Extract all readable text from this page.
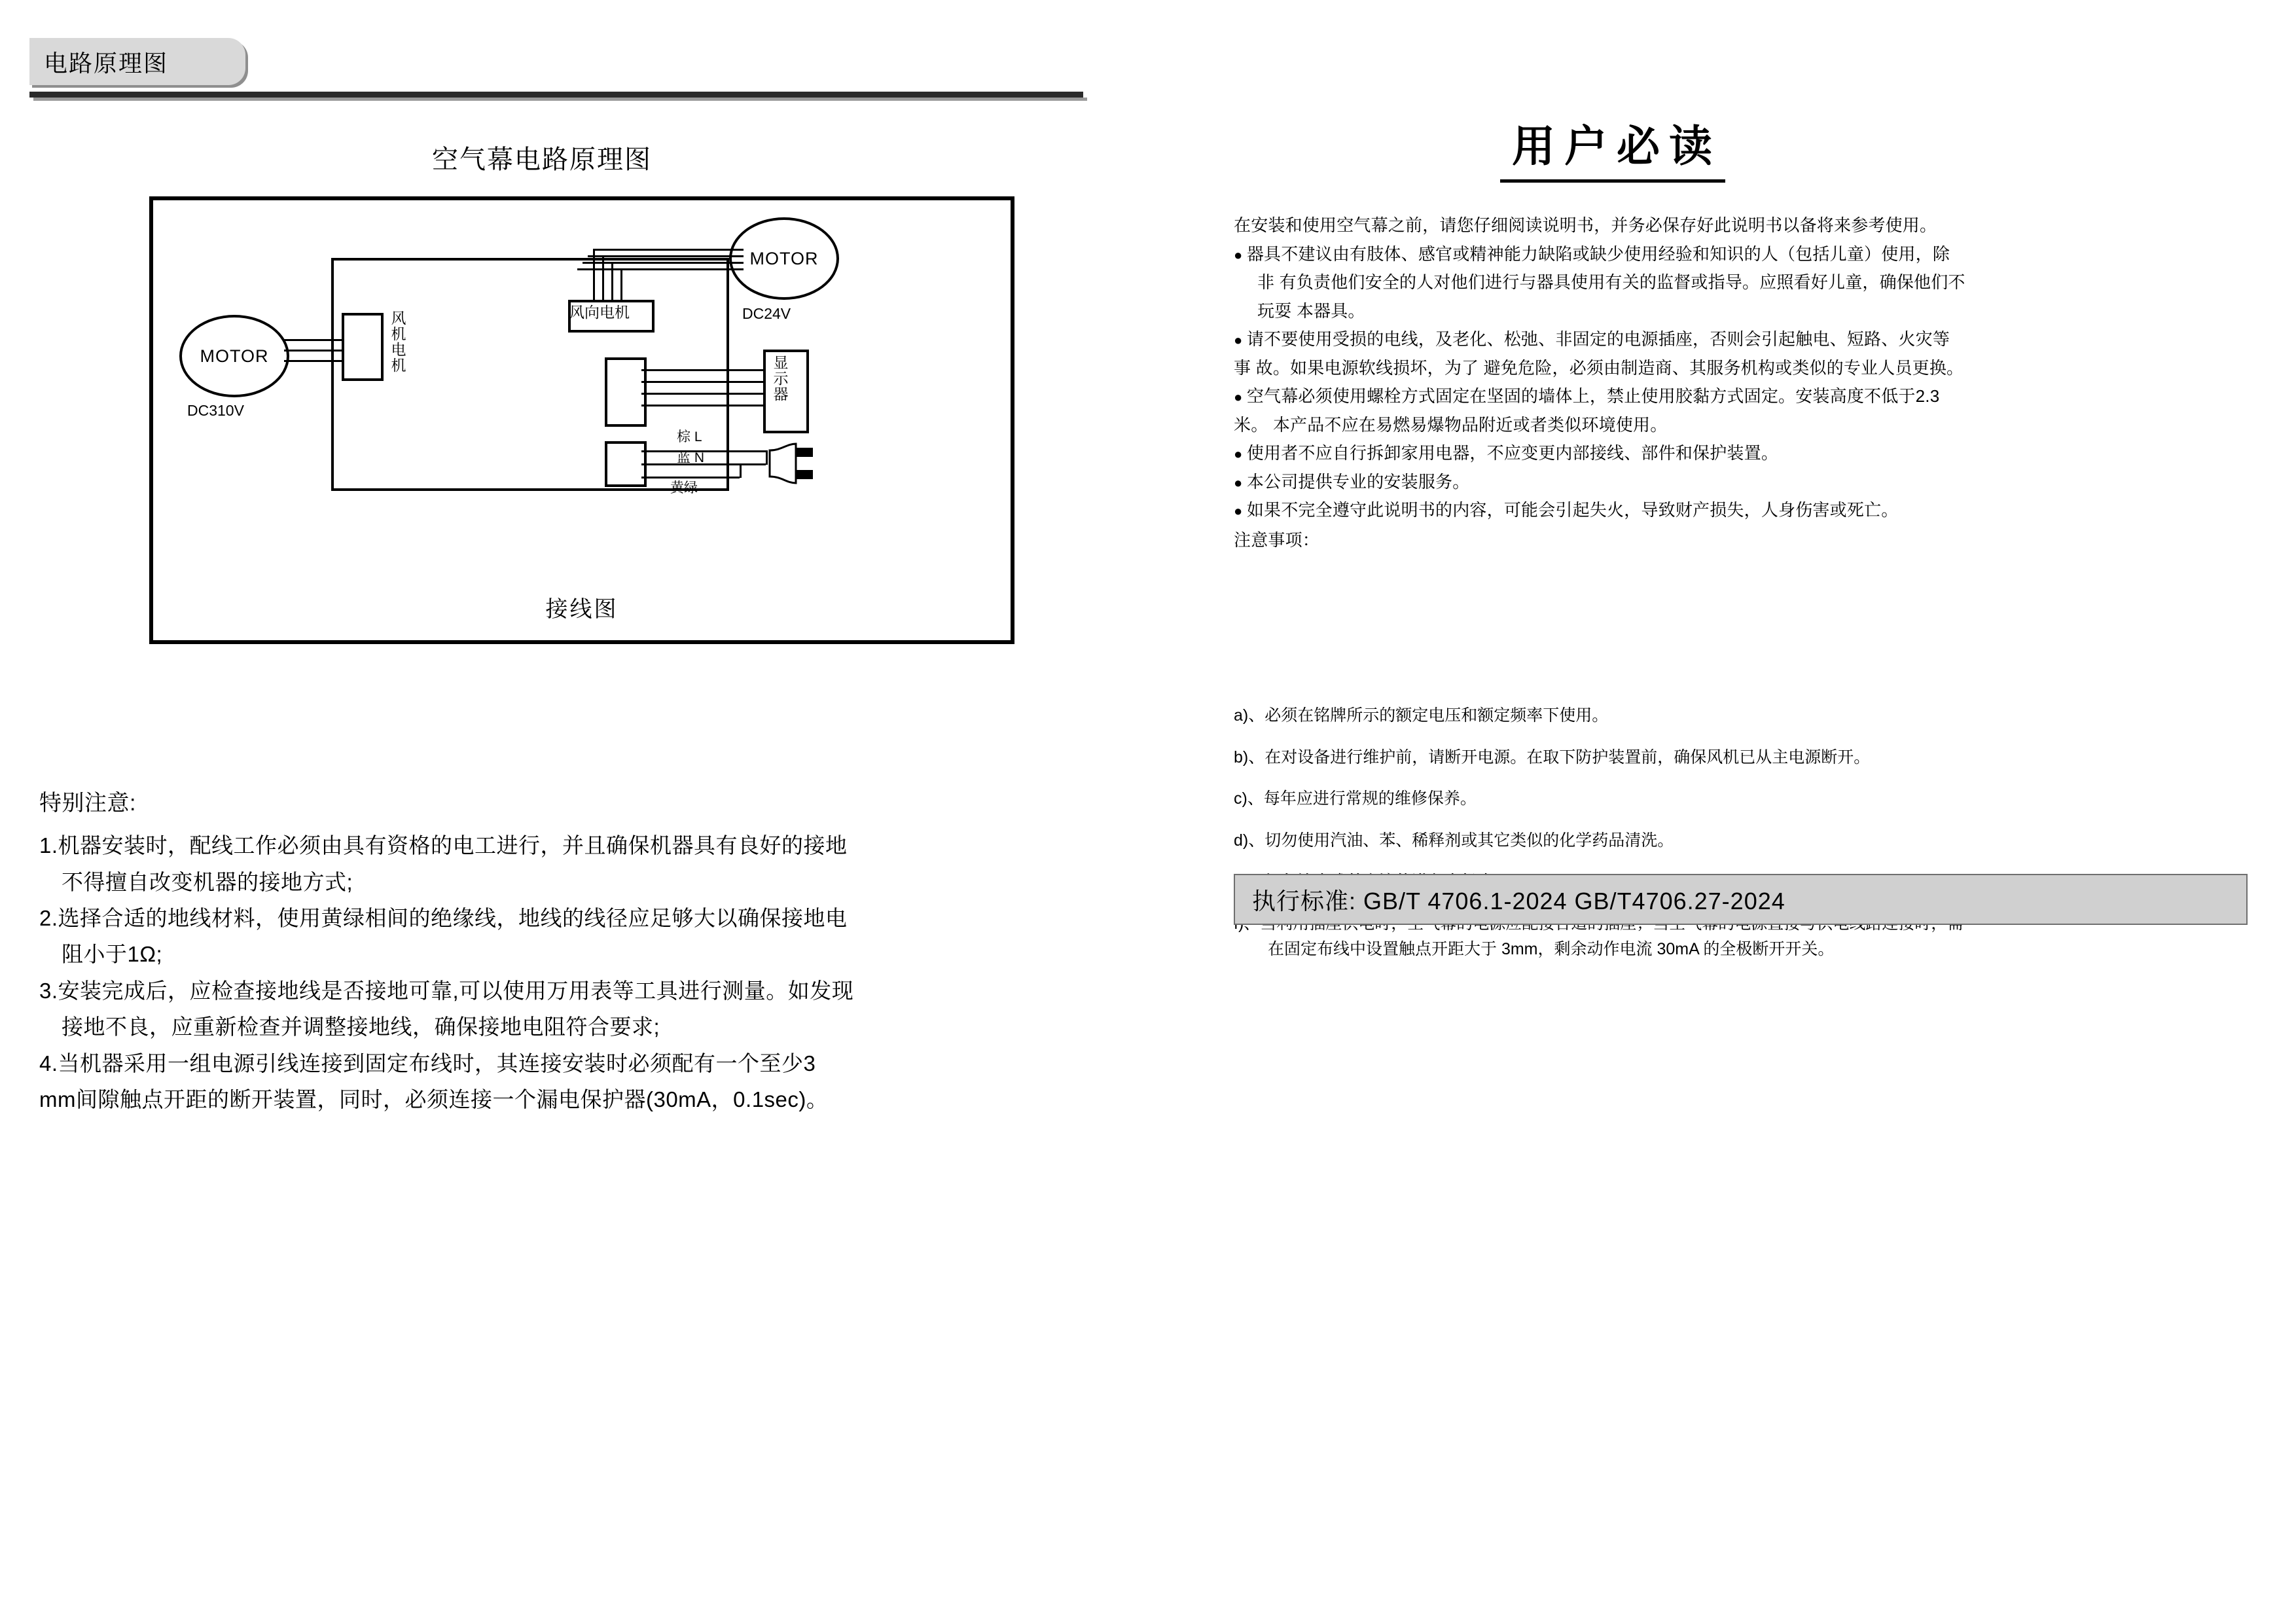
电路原理图
空气幕电路原理图
MOTOR
DC24V
MOTOR
DC310V
风机电机	风向电机
显示器
棕 L
蓝 N
黄绿
接线图

特别注意:

1.机器安装时，配线工作必须由具有资格的电工进行，并且确保机器具有良好的接地

不得擅自改变机器的接地方式;

2.选择合适的地线材料，使用黄绿相间的绝缘线，地线的线径应足够大以确保接地电

阻小于1Ω;

3.安装完成后，应检查接地线是否接地可靠,可以使用万用表等工具进行测量。如发现

接地不良，应重新检查并调整接地线，确保接地电阻符合要求;

4.当机器采用一组电源引线连接到固定布线时，其连接安装时必须配有一个至少3

mm间隙触点开距的断开装置，同时，必须连接一个漏电保护器(30mA，0.1sec)。

用户必读

在安装和使用空气幕之前，请您仔细阅读说明书，并务必保存好此说明书以备将来参考使用。

● 器具不建议由有肢体、感官或精神能力缺陷或缺少使用经验和知识的人（包括儿童）使用，除

非 有负责他们安全的人对他们进行与器具使用有关的监督或指导。应照看好儿童，确保他们不

玩耍 本器具。

● 请不要使用受损的电线，及老化、松弛、非固定的电源插座，否则会引起触电、短路、火灾等

事 故。如果电源软线损坏，为了 避免危险，必须由制造商、其服务机构或类似的专业人员更换。

● 空气幕必须使用螺栓方式固定在坚固的墙体上，禁止使用胶黏方式固定。安装高度不低于2.3

米。 本产品不应在易燃易爆物品附近或者类似环境使用。

● 使用者不应自行拆卸家用电器，不应变更内部接线、部件和保护装置。

● 本公司提供专业的安装服务。

● 如果不完全遵守此说明书的内容，可能会引起失火，导致财产损失，人身伤害或死亡。

注意事项：

a)、必须在铭牌所示的额定电压和额定频率下使用。

b)、在对设备进行维护前，请断开电源。在取下防护装置前，确保风机已从主电源断开。

c)、每年应进行常规的维修保养。

d)、切勿使用汽油、苯、稀释剂或其它类似的化学药品清洗。

在固定布线中设置触点开距大于 3mm，剩余动作电流 30mA 的全极断开开关。

执行标准: GB/T 4706.1-2024 GB/T4706.27-2024
